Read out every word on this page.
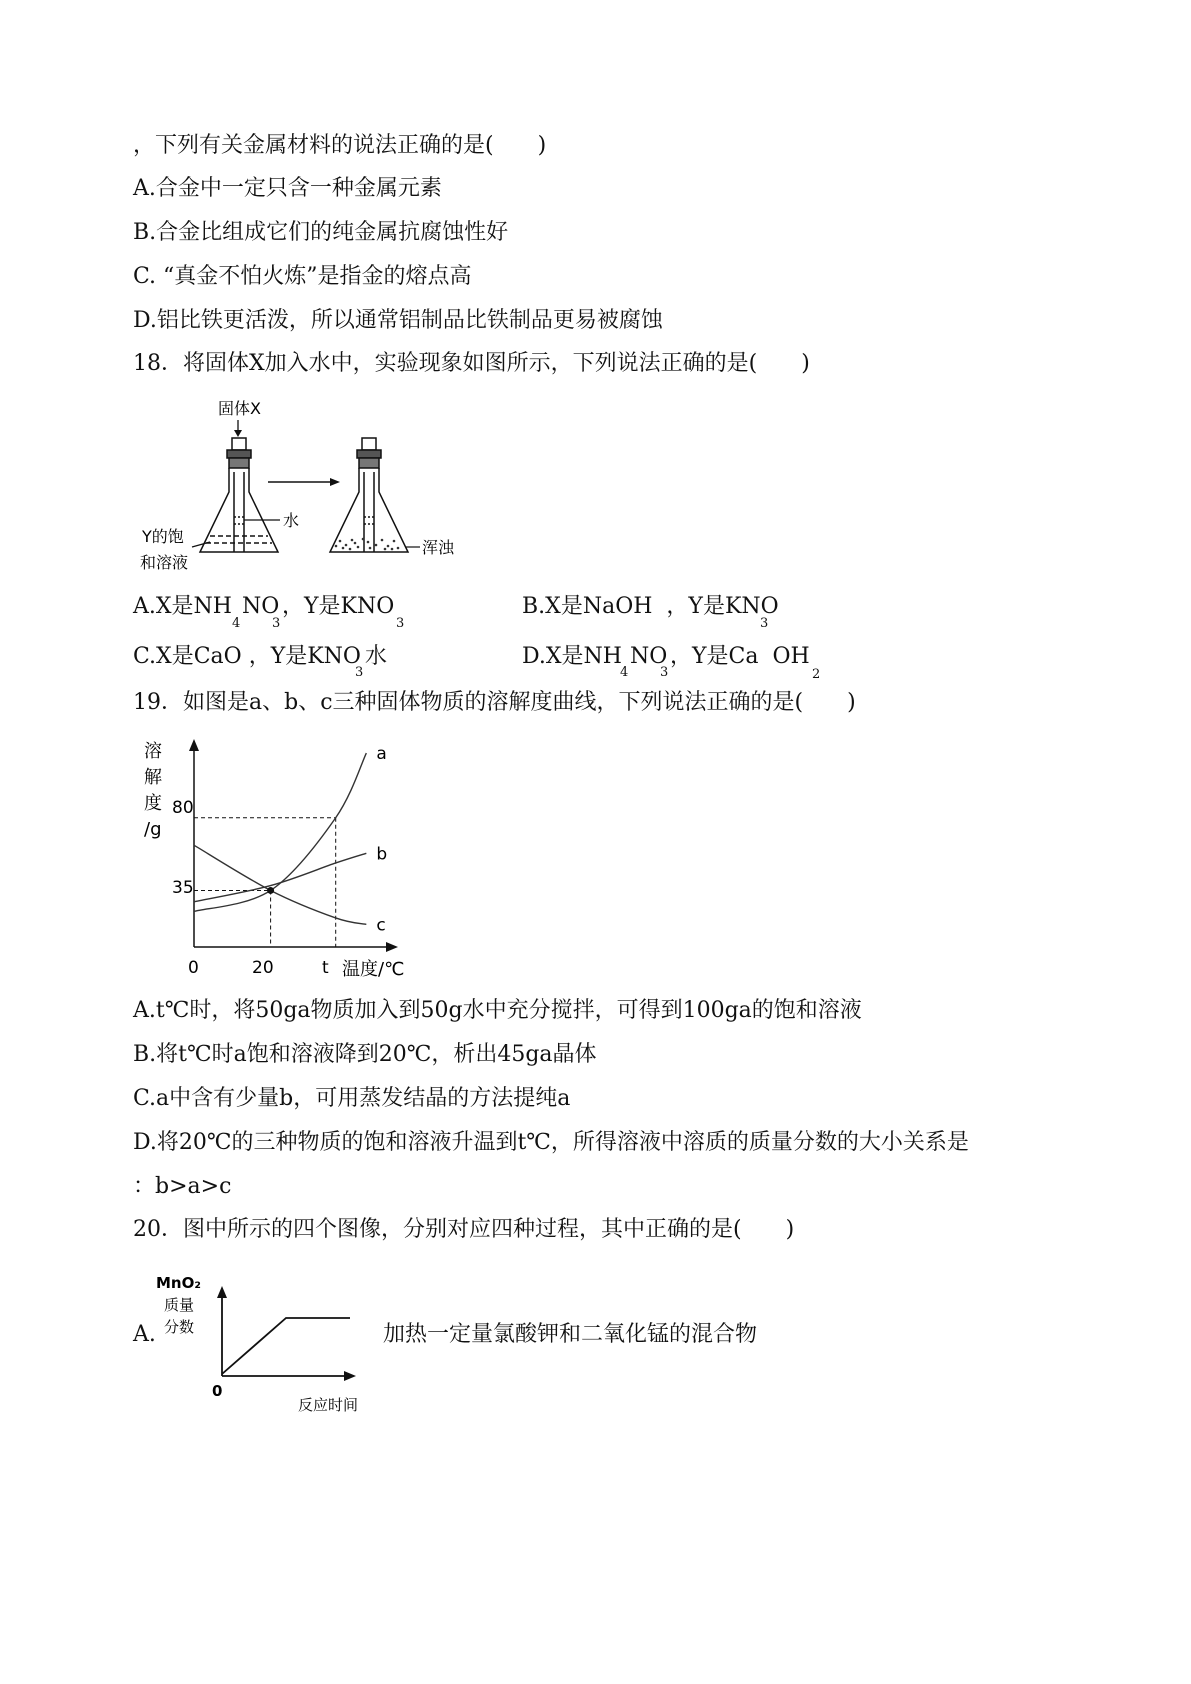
，下列有关金属材料的说法正确的是(　　)
A.合金中一定只含一种金属元素
B.合金比组成它们的纯金属抗腐蚀性好
C. “真金不怕火炼”是指金的熔点高
D.铝比铁更活泼，所以通常铝制品比铁制品更易被腐蚀
18．将固体X加入水中，实验现象如图所示，下列说法正确的是(　　)
固体X
水
Y的饱
和溶液
浑浊
A.X是NH
4
NO
3
，Y是KNO
3
B.X是NaOH ，Y是KNO
3
C.X是CaO ，Y是KNO
3
水	D.X是NH
4
NO
3
，Y是Ca OH
2
19．如图是a、b、c三种固体物质的溶解度曲线，下列说法正确的是(　　)
溶
解
度
/g
a
b
c
0	20	t
80
35
温度/℃
A.t℃时，将50ga物质加入到50g水中充分搅拌，可得到100ga的饱和溶液
B.将t℃时a饱和溶液降到20℃，析出45ga晶体
C.a中含有少量b，可用蒸发结晶的方法提纯a
D.将20℃的三种物质的饱和溶液升温到t℃，所得溶液中溶质的质量分数的大小关系是
：b>a>c
20．图中所示的四个图像，分别对应四种过程，其中正确的是(　　)
A.
MnO₂
质量
分数
0
反应时间
加热一定量氯酸钾和二氧化锰的混合物
